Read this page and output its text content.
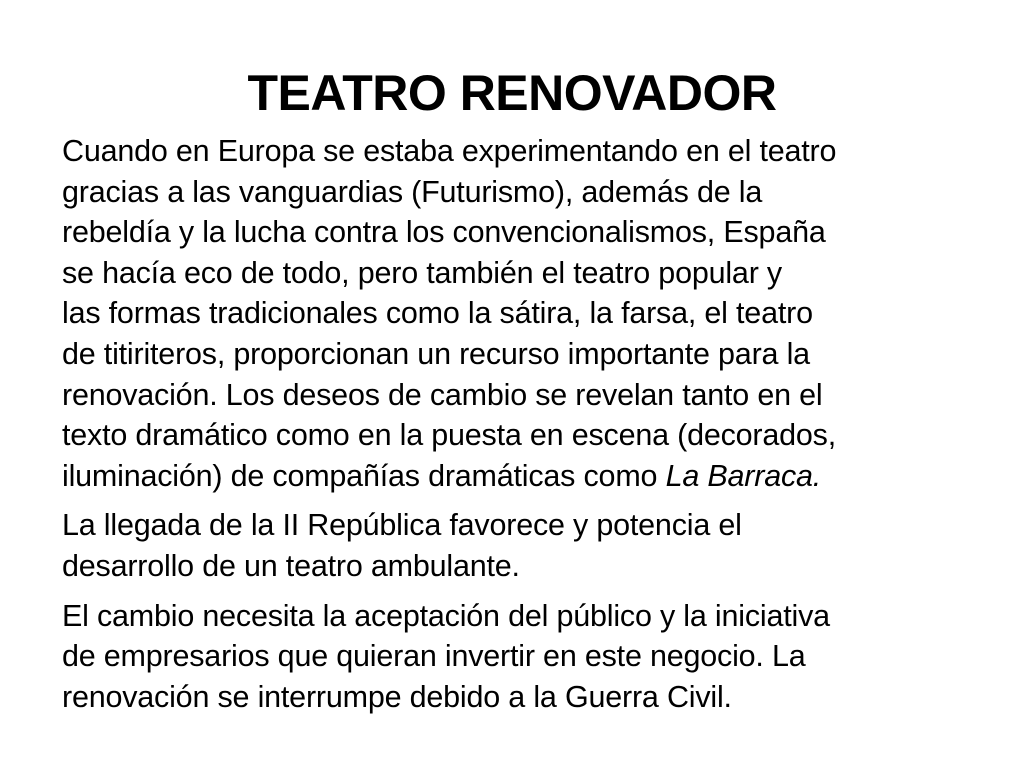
TEATRO RENOVADOR
Cuando en Europa se estaba experimentando en el teatro
gracias a las vanguardias (Futurismo), además de la
rebeldía y la lucha contra los convencionalismos, España
se hacía eco de todo, pero también el teatro popular y
las formas tradicionales como la sátira, la farsa, el teatro
de titiriteros, proporcionan un recurso importante para la
renovación. Los deseos de cambio se revelan tanto en el
texto dramático como en la puesta en escena (decorados,
iluminación) de compañías dramáticas como La Barraca.
La llegada de la II República favorece y potencia el
desarrollo de un teatro ambulante.
El cambio necesita la aceptación del público y la iniciativa
de empresarios que quieran invertir en este negocio. La
renovación se interrumpe debido a la Guerra Civil.
